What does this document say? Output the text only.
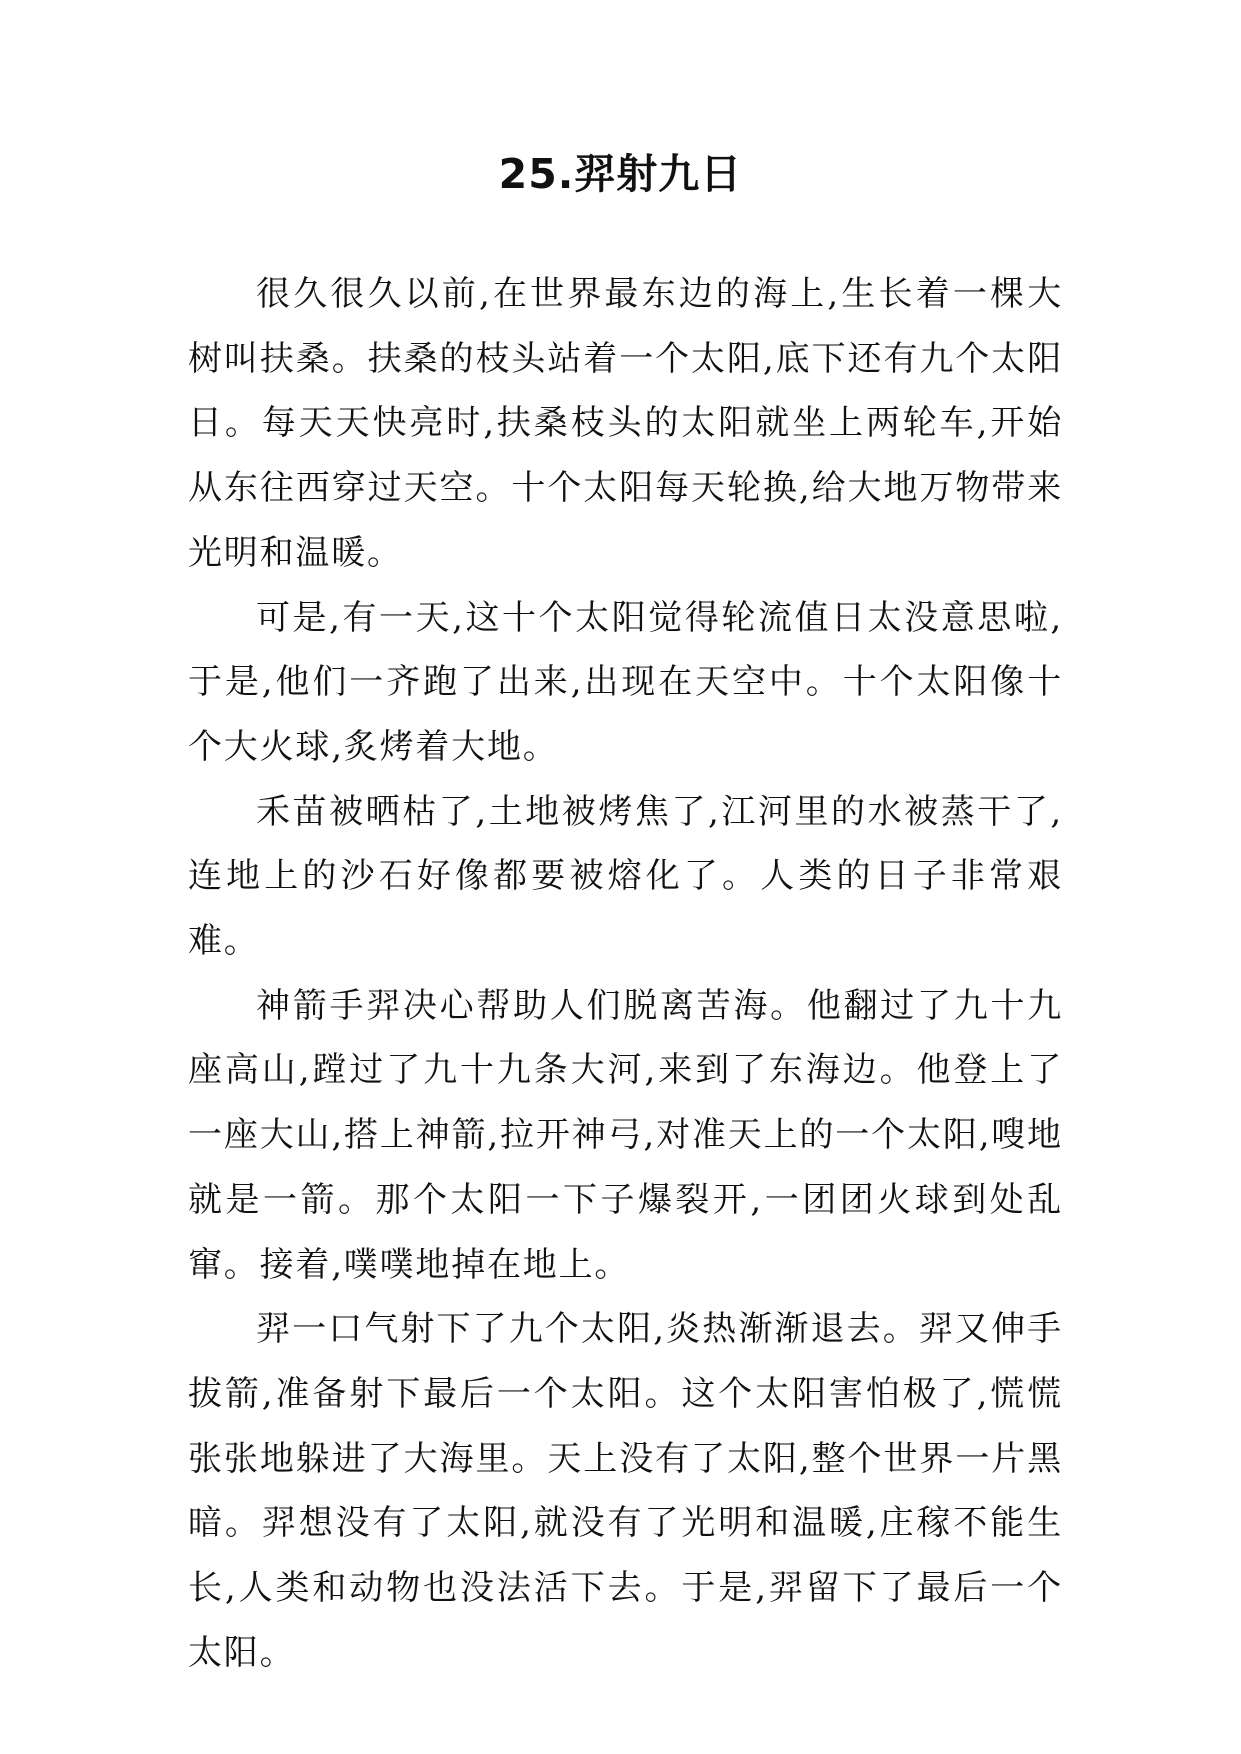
25.羿射九日

很久很久以前,在世界最东边的海上,生长着一棵大树叫扶桑。扶桑的枝头站着一个太阳,底下还有九个太阳日。每天天快亮时,扶桑枝头的太阳就坐上两轮车,开始从东往西穿过天空。十个太阳每天轮换,给大地万物带来光明和温暖。

可是,有一天,这十个太阳觉得轮流值日太没意思啦,于是,他们一齐跑了出来,出现在天空中。十个太阳像十个大火球,炙烤着大地。

禾苗被晒枯了,土地被烤焦了,江河里的水被蒸干了,连地上的沙石好像都要被熔化了。人类的日子非常艰难。

神箭手羿决心帮助人们脱离苦海。他翻过了九十九座高山,蹚过了九十九条大河,来到了东海边。他登上了一座大山,搭上神箭,拉开神弓,对准天上的一个太阳,嗖地就是一箭。那个太阳一下子爆裂开,一团团火球到处乱窜。接着,噗噗地掉在地上。

羿一口气射下了九个太阳,炎热渐渐退去。羿又伸手拔箭,准备射下最后一个太阳。这个太阳害怕极了,慌慌张张地躲进了大海里。天上没有了太阳,整个世界一片黑暗。羿想没有了太阳,就没有了光明和温暖,庄稼不能生长,人类和动物也没法活下去。于是,羿留下了最后一个太阳。
